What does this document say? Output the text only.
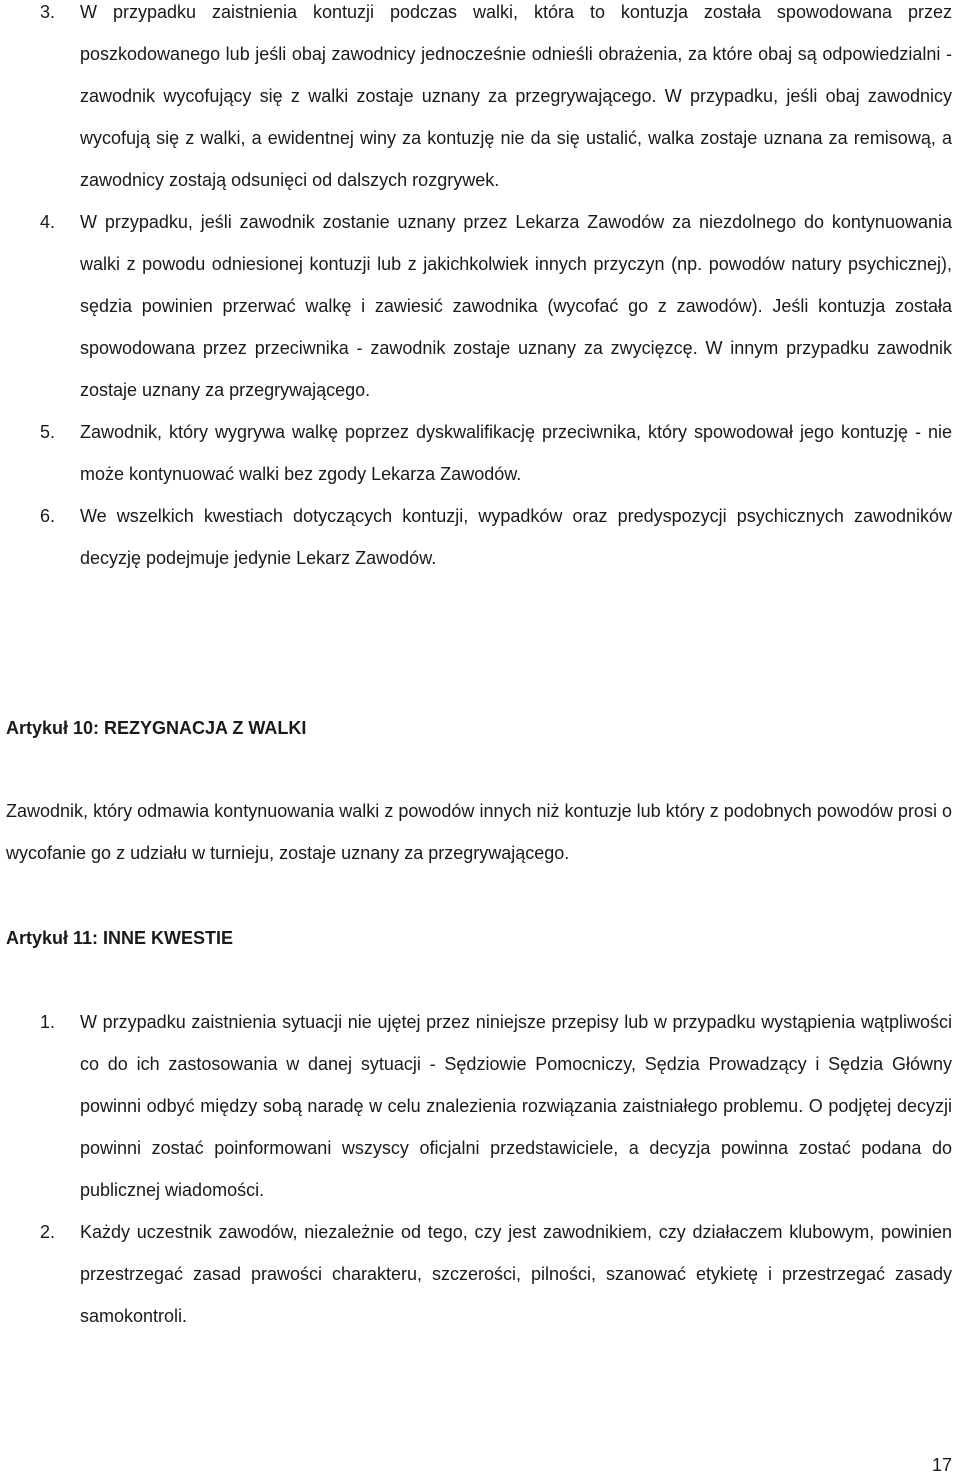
3.	W przypadku zaistnienia kontuzji podczas walki, która to kontuzja została spowodowana przez poszkodowanego lub jeśli obaj zawodnicy jednocześnie odnieśli obrażenia, za które obaj są odpowiedzialni - zawodnik wycofujący się z walki zostaje uznany za przegrywającego. W przypadku, jeśli obaj zawodnicy wycofują się z walki, a ewidentnej winy za kontuzję nie da się ustalić, walka zostaje uznana za remisową, a zawodnicy zostają odsunięci od dalszych rozgrywek.
4.	W przypadku, jeśli zawodnik zostanie uznany przez Lekarza Zawodów za niezdolnego do kontynuowania walki z powodu odniesionej kontuzji lub z jakichkolwiek innych przyczyn (np. powodów natury psychicznej), sędzia powinien przerwać walkę i zawiesić zawodnika (wycofać go z zawodów). Jeśli kontuzja została spowodowana przez przeciwnika - zawodnik zostaje uznany za zwycięzcę. W innym przypadku zawodnik zostaje uznany za przegrywającego.
5.	Zawodnik, który wygrywa walkę poprzez dyskwalifikację przeciwnika, który spowodował jego kontuzję - nie może kontynuować walki bez zgody Lekarza Zawodów.
6.	We wszelkich kwestiach dotyczących kontuzji, wypadków oraz predyspozycji psychicznych zawodników decyzję podejmuje jedynie Lekarz Zawodów.
Artykuł 10: REZYGNACJA Z WALKI
Zawodnik, który odmawia kontynuowania walki z powodów innych niż kontuzje lub który z podobnych powodów prosi o wycofanie go z udziału w turnieju, zostaje uznany za przegrywającego.
Artykuł 11: INNE KWESTIE
1.	W przypadku zaistnienia sytuacji nie ujętej przez niniejsze przepisy lub w przypadku wystąpienia wątpliwości co do ich zastosowania w danej sytuacji - Sędziowie Pomocniczy, Sędzia Prowadzący i Sędzia Główny powinni odbyć między sobą naradę w celu znalezienia rozwiązania zaistniałego problemu. O podjętej decyzji powinni zostać poinformowani wszyscy oficjalni przedstawiciele, a decyzja powinna zostać podana do publicznej wiadomości.
2.	Każdy uczestnik zawodów, niezależnie od tego, czy jest zawodnikiem, czy działaczem klubowym, powinien przestrzegać zasad prawości charakteru, szczerości, pilności, szanować etykietę i przestrzegać zasady samokontroli.
17
